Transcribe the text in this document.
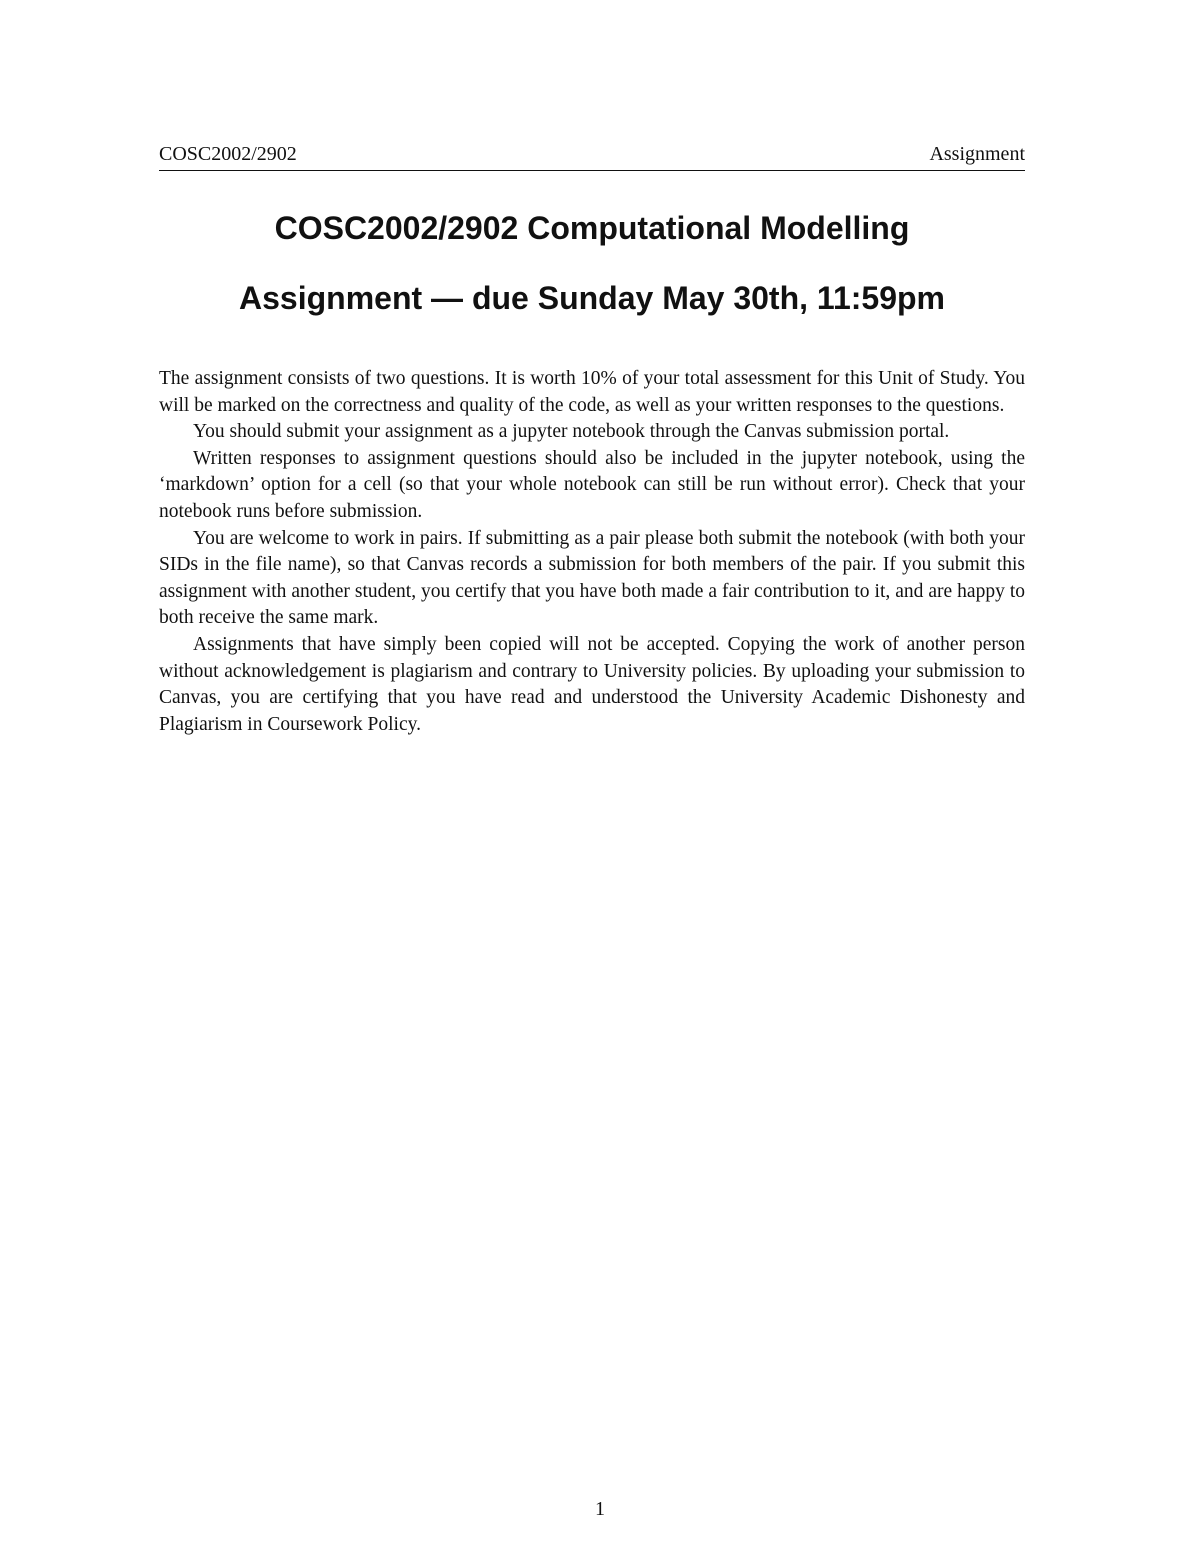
COSC2002/2902	Assignment
COSC2002/2902 Computational Modelling
Assignment — due Sunday May 30th, 11:59pm

The assignment consists of two questions. It is worth 10% of your total assessment for this Unit of Study. You will be marked on the correctness and quality of the code, as well as your written responses to the questions.

You should submit your assignment as a jupyter notebook through the Canvas submission portal.

Written responses to assignment questions should also be included in the jupyter notebook, using the ‘markdown’ option for a cell (so that your whole notebook can still be run without error). Check that your notebook runs before submission.

You are welcome to work in pairs. If submitting as a pair please both submit the notebook (with both your SIDs in the file name), so that Canvas records a submission for both members of the pair. If you submit this assignment with another student, you certify that you have both made a fair contribution to it, and are happy to both receive the same mark.

Assignments that have simply been copied will not be accepted. Copying the work of another person without acknowledgement is plagiarism and contrary to University policies. By uploading your submission to Canvas, you are certifying that you have read and understood the University Academic Dishonesty and Plagiarism in Coursework Policy.

1
